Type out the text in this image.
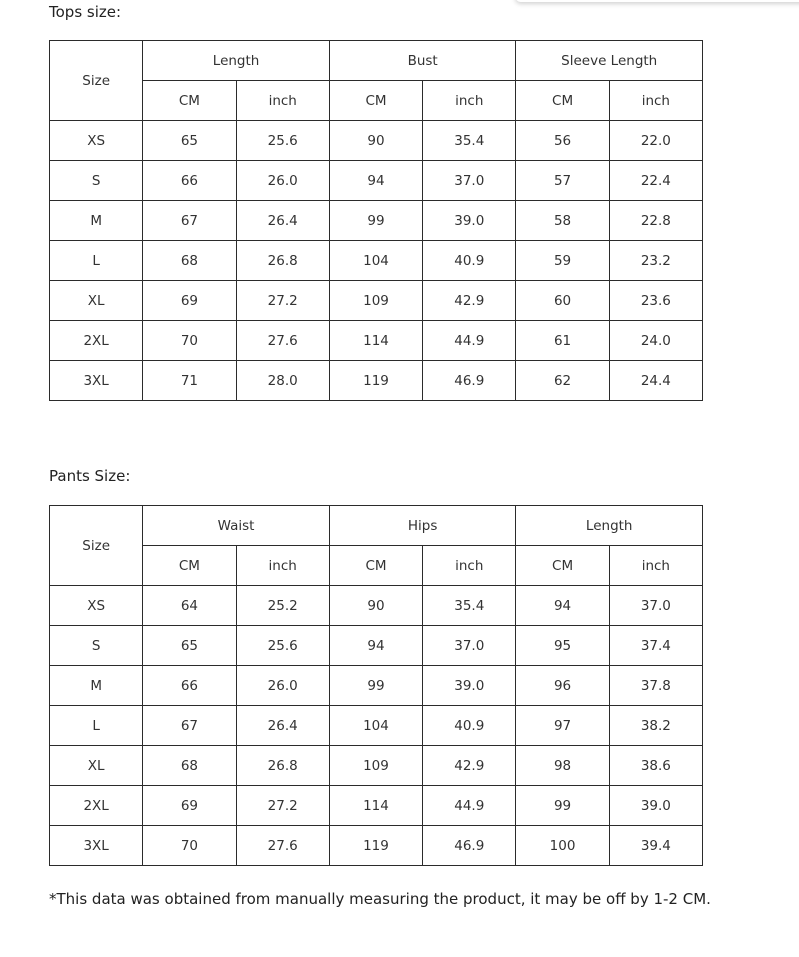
Tops size:
Size	Length		Bust		Sleeve Length	
	CM	inch	CM	inch	CM	inch
XS	65	25.6	90	35.4	56	22.0
S	66	26.0	94	37.0	57	22.4
M	67	26.4	99	39.0	58	22.8
L	68	26.8	104	40.9	59	23.2
XL	69	27.2	109	42.9	60	23.6
2XL	70	27.6	114	44.9	61	24.0
3XL	71	28.0	119	46.9	62	24.4
Pants Size:
Size	Waist		Hips		Length	
	CM	inch	CM	inch	CM	inch
XS	64	25.2	90	35.4	94	37.0
S	65	25.6	94	37.0	95	37.4
M	66	26.0	99	39.0	96	37.8
L	67	26.4	104	40.9	97	38.2
XL	68	26.8	109	42.9	98	38.6
2XL	69	27.2	114	44.9	99	39.0
3XL	70	27.6	119	46.9	100	39.4
*This data was obtained from manually measuring the product, it may be off by 1-2 CM.
